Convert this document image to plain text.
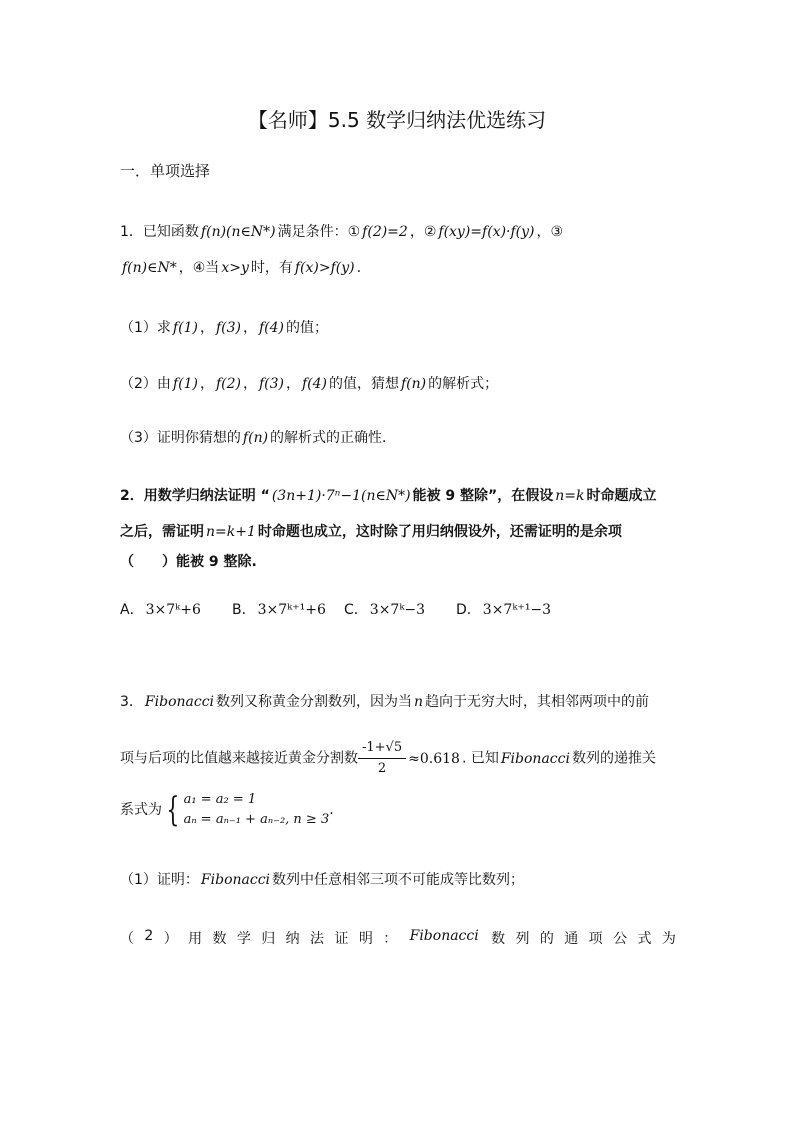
【名师】5.5 数学归纳法优选练习
一．单项选择
1．已知函数 f(n)(n∈N*) 满足条件：① f(2)=2 ，② f(xy)=f(x)·f(y) ，③
f(n)∈N* ，④当 x>y 时，有 f(x)>f(y) .
（1）求 f(1) ， f(3) ， f(4) 的值；
（2）由 f(1) ， f(2) ， f(3) ， f(4) 的值，猜想 f(n) 的解析式；
（3）证明你猜想的 f(n) 的解析式的正确性．
2．用数学归纳法证明 “ (3n+1)·7ⁿ−1(n∈N*) 能被 9 整除”，在假设 n=k 时命题成立
之后，需证明 n=k+1 时命题也成立，这时除了用归纳假设外，还需证明的是余项
（　　）能被 9 整除.
A． 3×7ᵏ+6 B． 3×7ᵏ⁺¹+6 C． 3×7ᵏ−3 D． 3×7ᵏ⁺¹−3
3． Fibonacci 数列又称黄金分割数列，因为当 n 趋向于无穷大时，其相邻两项中的前
项与后项的比值越来越接近黄金分割数 $\frac{-1+√5}{2} \approx 0.618$ . 已知 Fibonacci 数列的递推关
系式为 { a₁ = a₂ = 1
aₙ = aₙ₋₁ + aₙ₋₂, n ≥ 3
.
（1）证明： Fibonacci 数列中任意相邻三项不可能成等比数列；
（ 2 ） 用 数 学 归 纳 法 证 明 ： Fibonacci 数 列 的 通 项 公 式 为
